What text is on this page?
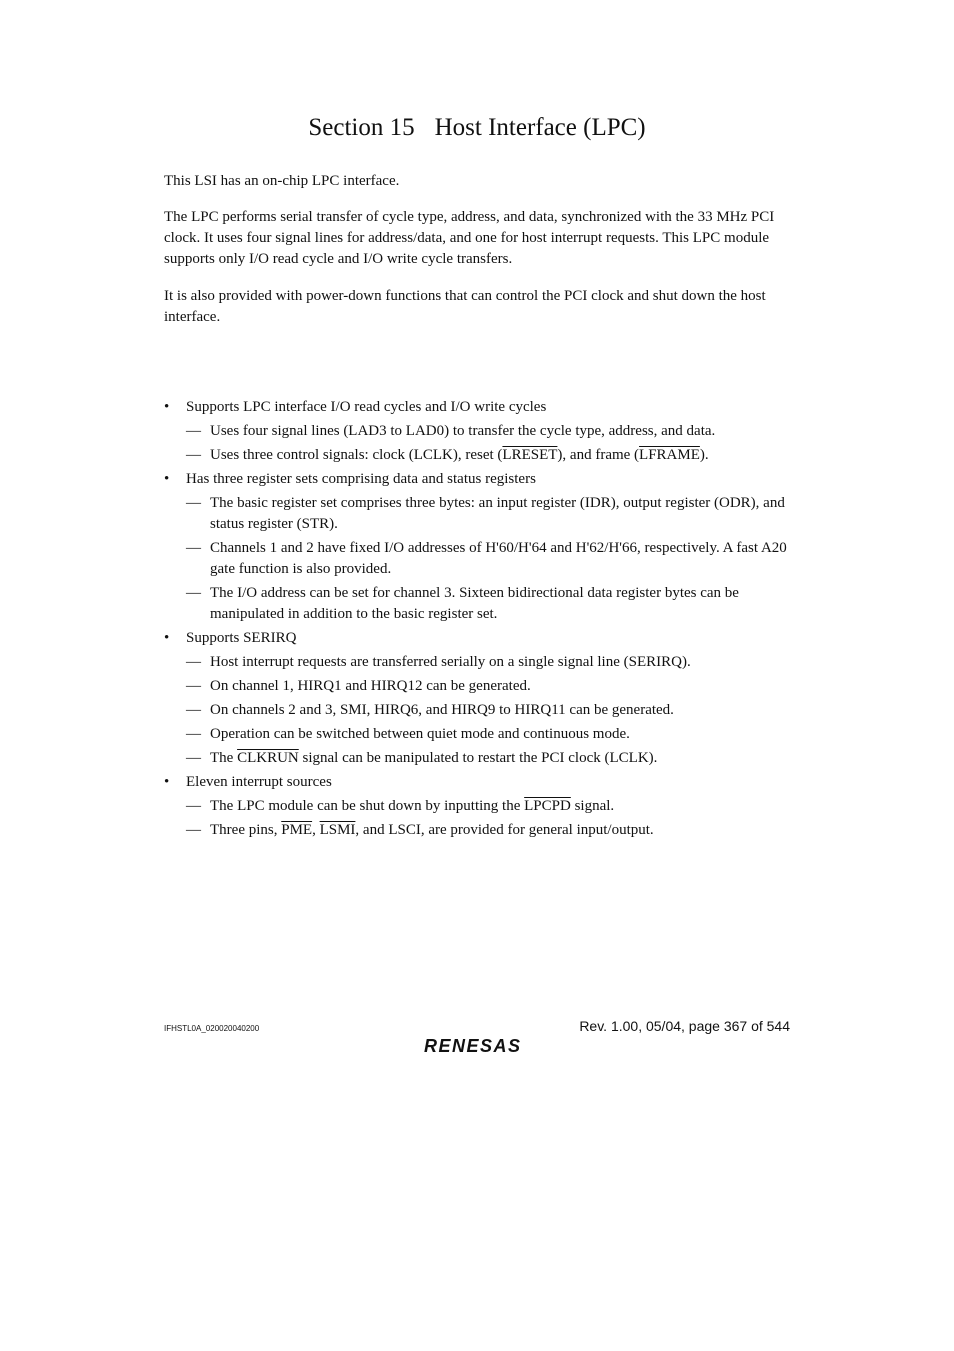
Section 15 Host Interface (LPC)

This LSI has an on-chip LPC interface.

The LPC performs serial transfer of cycle type, address, and data, synchronized with the 33 MHz PCI clock. It uses four signal lines for address/data, and one for host interrupt requests. This LPC module supports only I/O read cycle and I/O write cycle transfers.

It is also provided with power-down functions that can control the PCI clock and shut down the host interface.

• Supports LPC interface I/O read cycles and I/O write cycles
— Uses four signal lines (LAD3 to LAD0) to transfer the cycle type, address, and data.
— Uses three control signals: clock (LCLK), reset (LRESET), and frame (LFRAME).
• Has three register sets comprising data and status registers
— The basic register set comprises three bytes: an input register (IDR), output register (ODR), and status register (STR).
— Channels 1 and 2 have fixed I/O addresses of H'60/H'64 and H'62/H'66, respectively. A fast A20 gate function is also provided.
— The I/O address can be set for channel 3. Sixteen bidirectional data register bytes can be manipulated in addition to the basic register set.
• Supports SERIRQ
— Host interrupt requests are transferred serially on a single signal line (SERIRQ).
— On channel 1, HIRQ1 and HIRQ12 can be generated.
— On channels 2 and 3, SMI, HIRQ6, and HIRQ9 to HIRQ11 can be generated.
— Operation can be switched between quiet mode and continuous mode.
— The CLKRUN signal can be manipulated to restart the PCI clock (LCLK).
• Eleven interrupt sources
— The LPC module can be shut down by inputting the LPCPD signal.
— Three pins, $\overline{PME}$, LSMI, and LSCI, are provided for general input/output.
IFHSTL0A_020020040200	Rev. 1.00, 05/04, page 367 of 544
RENESAS
